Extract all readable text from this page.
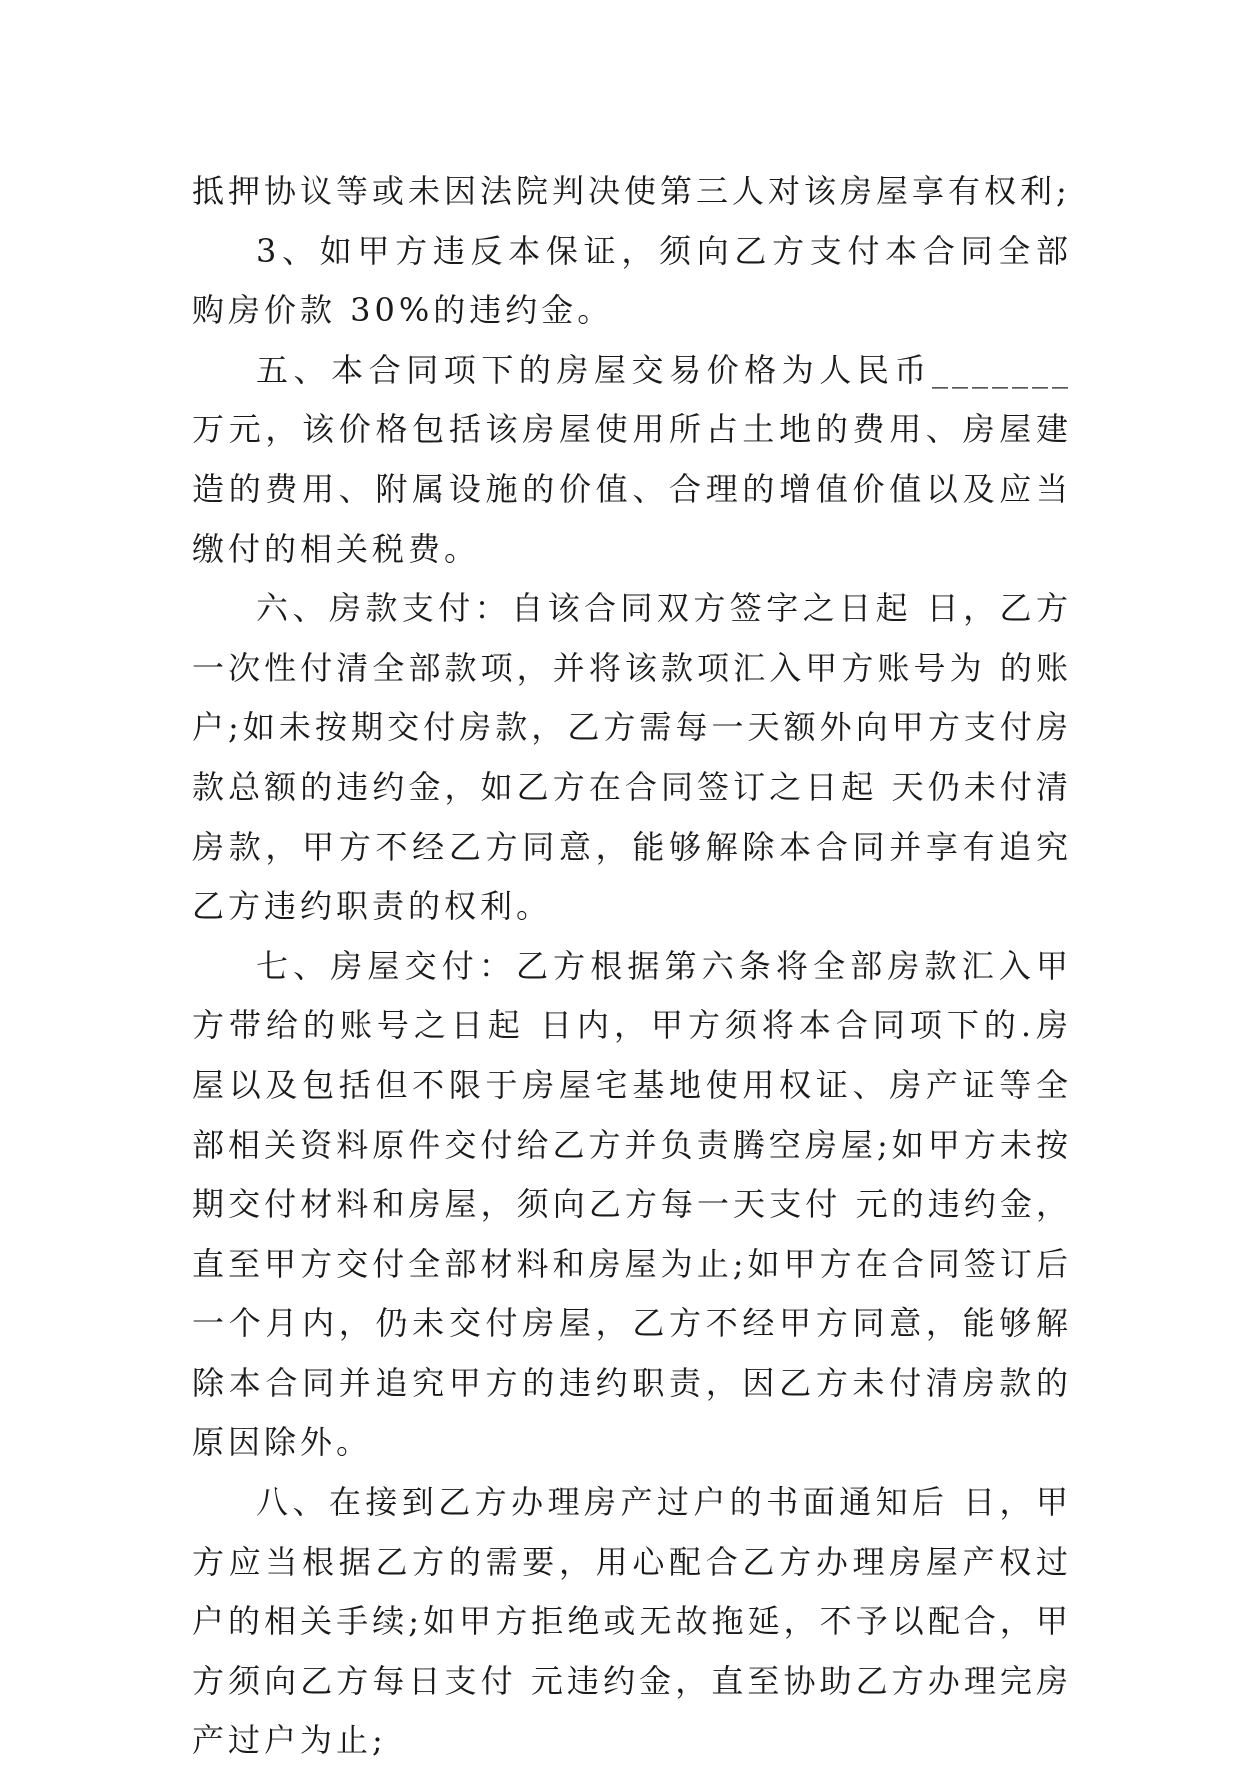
抵押协议等或未因法院判决使第三人对该房屋享有权利;

3、如甲方违反本保证，须向乙方支付本合同全部购房价款 30%的违约金。

五、本合同项下的房屋交易价格为人民币_______万元，该价格包括该房屋使用所占土地的费用、房屋建造的费用、附属设施的价值、合理的增值价值以及应当缴付的相关税费。

六、房款支付：自该合同双方签字之日起 日，乙方一次性付清全部款项，并将该款项汇入甲方账号为 的账户;如未按期交付房款，乙方需每一天额外向甲方支付房款总额的违约金，如乙方在合同签订之日起 天仍未付清房款，甲方不经乙方同意，能够解除本合同并享有追究乙方违约职责的权利。

七、房屋交付：乙方根据第六条将全部房款汇入甲方带给的账号之日起 日内，甲方须将本合同项下的.房屋以及包括但不限于房屋宅基地使用权证、房产证等全部相关资料原件交付给乙方并负责腾空房屋;如甲方未按期交付材料和房屋，须向乙方每一天支付 元的违约金，直至甲方交付全部材料和房屋为止;如甲方在合同签订后一个月内，仍未交付房屋，乙方不经甲方同意，能够解除本合同并追究甲方的违约职责，因乙方未付清房款的原因除外。

八、在接到乙方办理房产过户的书面通知后 日，甲方应当根据乙方的需要，用心配合乙方办理房屋产权过户的相关手续;如甲方拒绝或无故拖延，不予以配合，甲方须向乙方每日支付 元违约金，直至协助乙方办理完房产过户为止;
